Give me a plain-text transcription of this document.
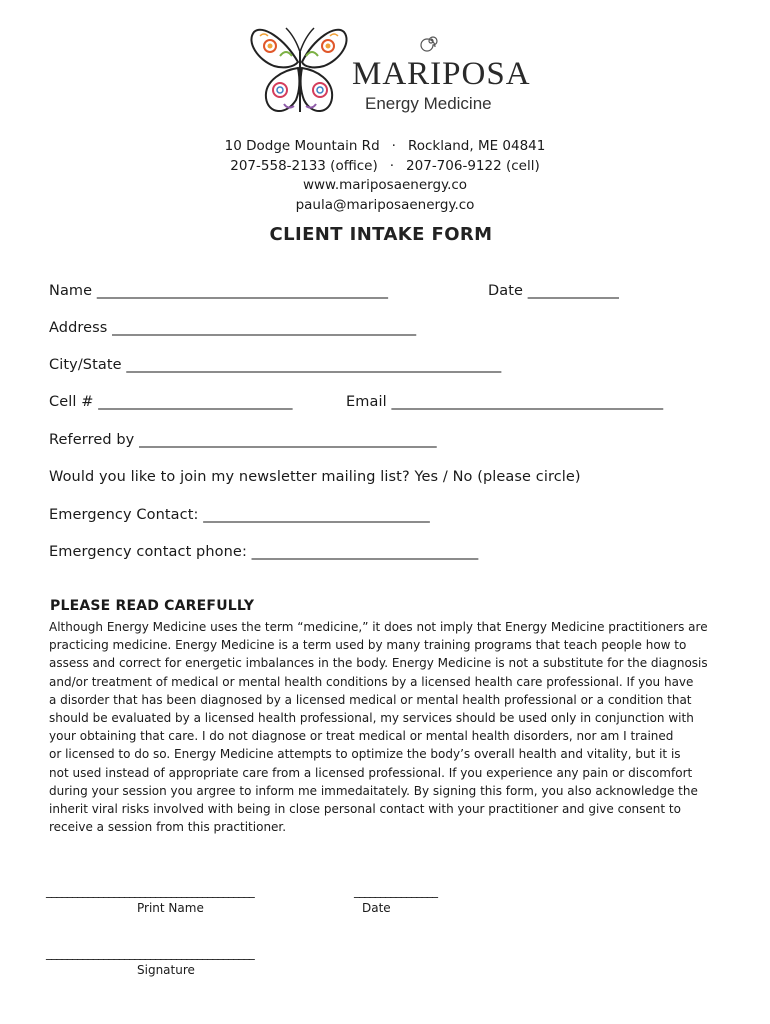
MARIPOSA
Energy Medicine
10 Dodge Mountain Rd · Rockland, ME 04841
207-558-2133 (office) · 207-706-9122 (cell)
www.mariposaenergy.co
paula@mariposaenergy.co
CLIENT INTAKE FORM
Name _____________________________________________	Date ______________
Address _______________________________________________
City/State __________________________________________________________
Cell # ______________________________	Email __________________________________________
Referred by ______________________________________________
Would you like to join my newsletter mailing list? Yes / No (please circle)
Emergency Contact: ___________________________________
Emergency contact phone: ___________________________________
PLEASE READ CAREFULLY
Although Energy Medicine uses the term “medicine,” it does not imply that Energy Medicine practitioners are
practicing medicine. Energy Medicine is a term used by many training programs that teach people how to
assess and correct for energetic imbalances in the body. Energy Medicine is not a substitute for the diagnosis
and/or treatment of medical or mental health conditions by a licensed health care professional. If you have
a disorder that has been diagnosed by a licensed medical or mental health professional or a condition that
should be evaluated by a licensed health professional, my services should be used only in conjunction with
your obtaining that care. I do not diagnose or treat medical or mental health disorders, nor am I trained
or licensed to do so. Energy Medicine attempts to optimize the body’s overall health and vitality, but it is
not used instead of appropriate care from a licensed professional. If you experience any pain or discomfort
during your session you argree to inform me immedaitately. By signing this form, you also acknowledge the
inherit viral risks involved with being in close personal contact with your practitioner and give consent to
receive a session from this practitioner.
________________________________________
Print Name
________________
Date
________________________________________
Signature
